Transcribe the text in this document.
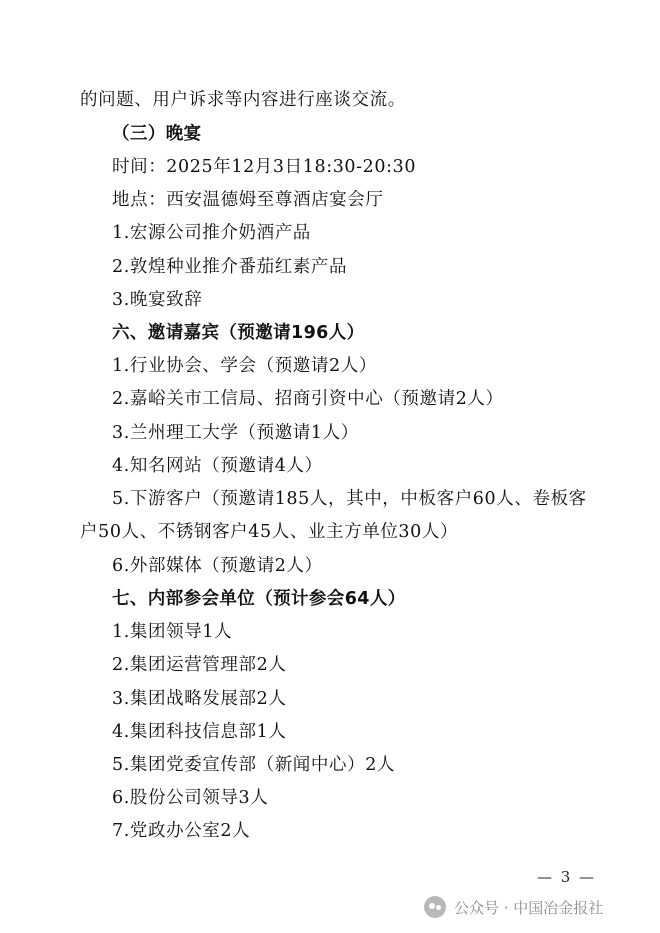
的问题、用户诉求等内容进行座谈交流。
（三）晚宴
时间：2025年12月3日18:30-20:30
地点：西安温德姆至尊酒店宴会厅
1.宏源公司推介奶酒产品
2.敦煌种业推介番茄红素产品
3.晚宴致辞
六、邀请嘉宾（预邀请196人）
1.行业协会、学会（预邀请2人）
2.嘉峪关市工信局、招商引资中心（预邀请2人）
3.兰州理工大学（预邀请1人）
4.知名网站（预邀请4人）
5.下游客户（预邀请185人，其中，中板客户60人、卷板客
户50人、不锈钢客户45人、业主方单位30人）
6.外部媒体（预邀请2人）
七、内部参会单位（预计参会64人）
1.集团领导1人
2.集团运营管理部2人
3.集团战略发展部2人
4.集团科技信息部1人
5.集团党委宣传部（新闻中心）2人
6.股份公司领导3人
7.党政办公室2人
— 3 —
公众号 · 中国冶金报社
